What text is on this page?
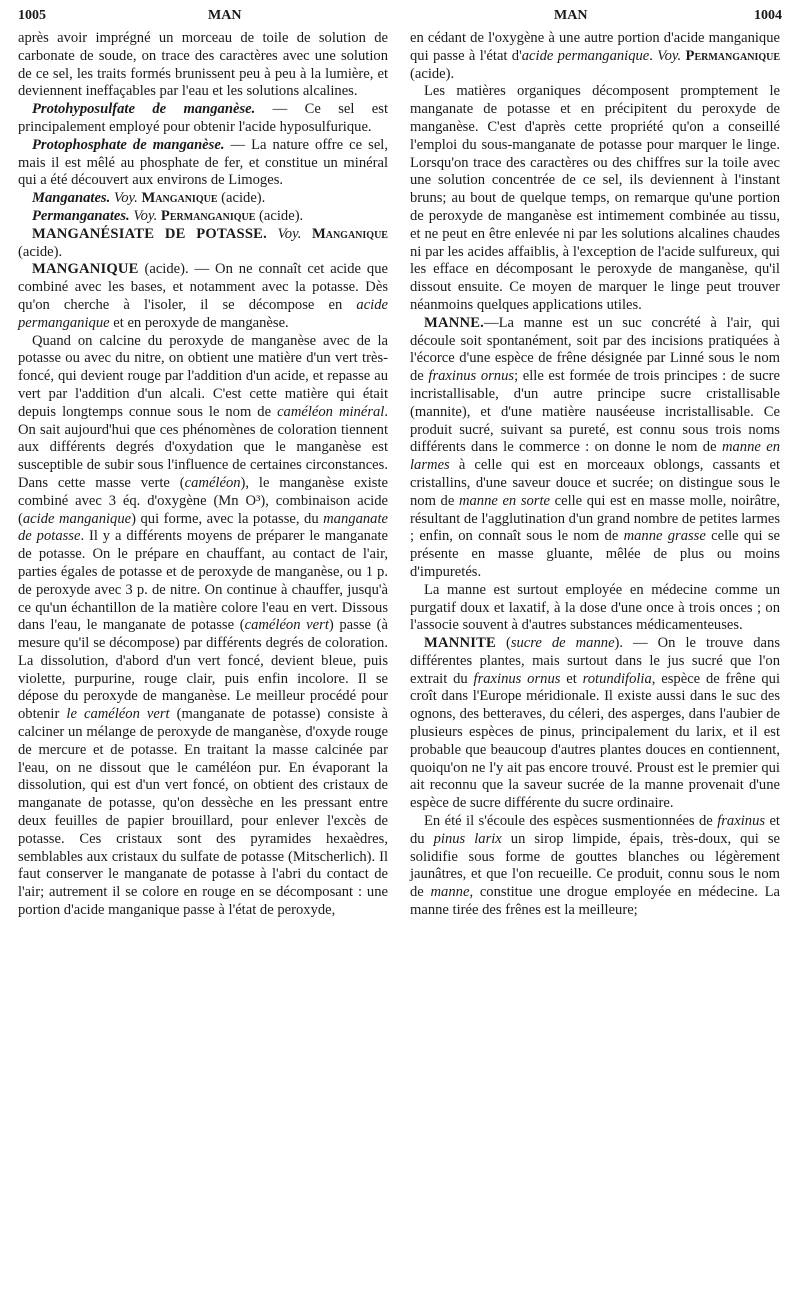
1005	MAN	MAN	1004

après avoir imprégné un morceau de toile de solution de carbonate de soude, on trace des caractères avec une solution de ce sel, les traits formés brunissent peu à peu à la lumière, et deviennent ineffaçables par l'eau et les solutions alcalines.

Protohyposulfate de manganèse. — Ce sel est principalement employé pour obtenir l'acide hyposulfurique.

Protophosphate de manganèse. — La nature offre ce sel, mais il est mêlé au phosphate de fer, et constitue un minéral qui a été découvert aux environs de Limoges.

Manganates. Voy. Manganique (acide).

Permanganates. Voy. Permanganique (acide).

MANGANÉSIATE DE POTASSE. Voy. Manganique (acide).

MANGANIQUE (acide). — On ne connaît cet acide que combiné avec les bases, et notamment avec la potasse. Dès qu'on cherche à l'isoler, il se décompose en acide permanganique et en peroxyde de manganèse.

Quand on calcine du peroxyde de manganèse avec de la potasse ou avec du nitre, on obtient une matière d'un vert très-foncé, qui devient rouge par l'addition d'un acide, et repasse au vert par l'addition d'un alcali. C'est cette matière qui était depuis longtemps connue sous le nom de caméléon minéral. On sait aujourd'hui que ces phénomènes de coloration tiennent aux différents degrés d'oxydation que le manganèse est susceptible de subir sous l'influence de certaines circonstances. Dans cette masse verte (caméléon), le manganèse existe combiné avec 3 éq. d'oxygène (Mn O³), combinaison acide (acide manganique) qui forme, avec la potasse, du manganate de potasse. Il y a différents moyens de préparer le manganate de potasse. On le prépare en chauffant, au contact de l'air, parties égales de potasse et de peroxyde de manganèse, ou 1 p. de peroxyde avec 3 p. de nitre. On continue à chauffer, jusqu'à ce qu'un échantillon de la matière colore l'eau en vert. Dissous dans l'eau, le manganate de potasse (caméléon vert) passe (à mesure qu'il se décompose) par différents degrés de coloration. La dissolution, d'abord d'un vert foncé, devient bleue, puis violette, purpurine, rouge clair, puis enfin incolore. Il se dépose du peroxyde de manganèse. Le meilleur procédé pour obtenir le caméléon vert (manganate de potasse) consiste à calciner un mélange de peroxyde de manganèse, d'oxyde rouge de mercure et de potasse. En traitant la masse calcinée par l'eau, on ne dissout que le caméléon pur. En évaporant la dissolution, qui est d'un vert foncé, on obtient des cristaux de manganate de potasse, qu'on dessèche en les pressant entre deux feuilles de papier brouillard, pour enlever l'excès de potasse. Ces cristaux sont des pyramides hexaèdres, semblables aux cristaux du sulfate de potasse (Mitscherlich). Il faut conserver le manganate de potasse à l'abri du contact de l'air; autrement il se colore en rouge en se décomposant : une portion d'acide manganique passe à l'état de peroxyde,

en cédant de l'oxygène à une autre portion d'acide manganique qui passe à l'état d'acide permanganique. Voy. Permanganique (acide).

Les matières organiques décomposent promptement le manganate de potasse et en précipitent du peroxyde de manganèse. C'est d'après cette propriété qu'on a conseillé l'emploi du sous-manganate de potasse pour marquer le linge. Lorsqu'on trace des caractères ou des chiffres sur la toile avec une solution concentrée de ce sel, ils deviennent à l'instant bruns; au bout de quelque temps, on remarque qu'une portion de peroxyde de manganèse est intimement combinée au tissu, et ne peut en être enlevée ni par les solutions alcalines chaudes ni par les acides affaiblis, à l'exception de l'acide sulfureux, qui les efface en décomposant le peroxyde de manganèse, qu'il dissout ensuite. Ce moyen de marquer le linge peut trouver néanmoins quelques applications utiles.

MANNE.—La manne est un suc concrété à l'air, qui découle soit spontanément, soit par des incisions pratiquées à l'écorce d'une espèce de frêne désignée par Linné sous le nom de fraxinus ornus; elle est formée de trois principes : de sucre incristallisable, d'un autre principe sucre cristallisable (mannite), et d'une matière nauséeuse incristallisable. Ce produit sucré, suivant sa pureté, est connu sous trois noms différents dans le commerce : on donne le nom de manne en larmes à celle qui est en morceaux oblongs, cassants et cristallins, d'une saveur douce et sucrée; on distingue sous le nom de manne en sorte celle qui est en masse molle, noirâtre, résultant de l'agglutination d'un grand nombre de petites larmes ; enfin, on connaît sous le nom de manne grasse celle qui se présente en masse gluante, mêlée de plus ou moins d'impuretés.

La manne est surtout employée en médecine comme un purgatif doux et laxatif, à la dose d'une once à trois onces ; on l'associe souvent à d'autres substances médicamenteuses.

MANNITE (sucre de manne). — On le trouve dans différentes plantes, mais surtout dans le jus sucré que l'on extrait du fraxinus ornus et rotundifolia, espèce de frêne qui croît dans l'Europe méridionale. Il existe aussi dans le suc des ognons, des betteraves, du céleri, des asperges, dans l'aubier de plusieurs espèces de pinus, principalement du larix, et il est probable que beaucoup d'autres plantes douces en contiennent, quoiqu'on ne l'y ait pas encore trouvé. Proust est le premier qui ait reconnu que la saveur sucrée de la manne provenait d'une espèce de sucre différente du sucre ordinaire.

En été il s'écoule des espèces susmentionnées de fraxinus et du pinus larix un sirop limpide, épais, très-doux, qui se solidifie sous forme de gouttes blanches ou légèrement jaunâtres, et que l'on recueille. Ce produit, connu sous le nom de manne, constitue une drogue employée en médecine. La manne tirée des frênes est la meilleure;
